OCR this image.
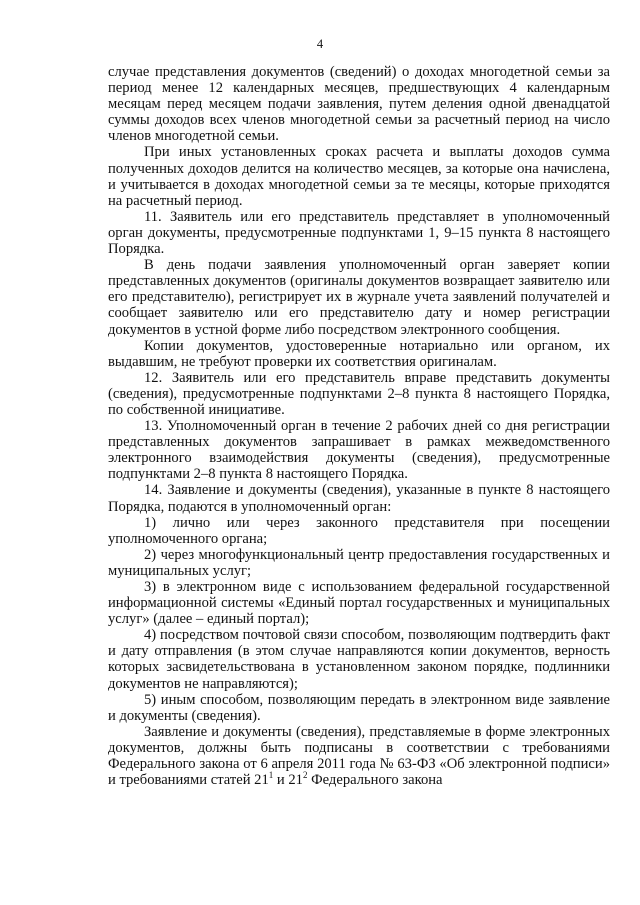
4

случае представления документов (сведений) о доходах многодетной семьи за период менее 12 календарных месяцев, предшествующих 4 календарным месяцам перед месяцем подачи заявления, путем деления одной двенадцатой суммы доходов всех членов многодетной семьи за расчетный период на число членов многодетной семьи.

При иных установленных сроках расчета и выплаты доходов сумма полученных доходов делится на количество месяцев, за которые она начислена, и учитывается в доходах многодетной семьи за те месяцы, которые приходятся на расчетный период.

11. Заявитель или его представитель представляет в уполномоченный орган документы, предусмотренные подпунктами 1, 9–15 пункта 8 настоящего Порядка.

В день подачи заявления уполномоченный орган заверяет копии представленных документов (оригиналы документов возвращает заявителю или его представителю), регистрирует их в журнале учета заявлений получателей и сообщает заявителю или его представителю дату и номер регистрации документов в устной форме либо посредством электронного сообщения.

Копии документов, удостоверенные нотариально или органом, их выдавшим, не требуют проверки их соответствия оригиналам.

12. Заявитель или его представитель вправе представить документы (сведения), предусмотренные подпунктами 2–8 пункта 8 настоящего Порядка, по собственной инициативе.

13. Уполномоченный орган в течение 2 рабочих дней со дня регистрации представленных документов запрашивает в рамках межведомственного электронного взаимодействия документы (сведения), предусмотренные подпунктами 2–8 пункта 8 настоящего Порядка.

14. Заявление и документы (сведения), указанные в пункте 8 настоящего Порядка, подаются в уполномоченный орган:

1) лично или через законного представителя при посещении уполномоченного органа;

2) через многофункциональный центр предоставления государственных и муниципальных услуг;

3) в электронном виде с использованием федеральной государственной информационной системы «Единый портал государственных и муниципальных услуг» (далее – единый портал);

4) посредством почтовой связи способом, позволяющим подтвердить факт и дату отправления (в этом случае направляются копии документов, верность которых засвидетельствована в установленном законом порядке, подлинники документов не направляются);

5) иным способом, позволяющим передать в электронном виде заявление и документы (сведения).

Заявление и документы (сведения), представляемые в форме электронных документов, должны быть подписаны в соответствии с требованиями Федерального закона от 6 апреля 2011 года № 63-ФЗ «Об электронной подписи» и требованиями статей $21^1$ и $21^2$ Федерального закона
